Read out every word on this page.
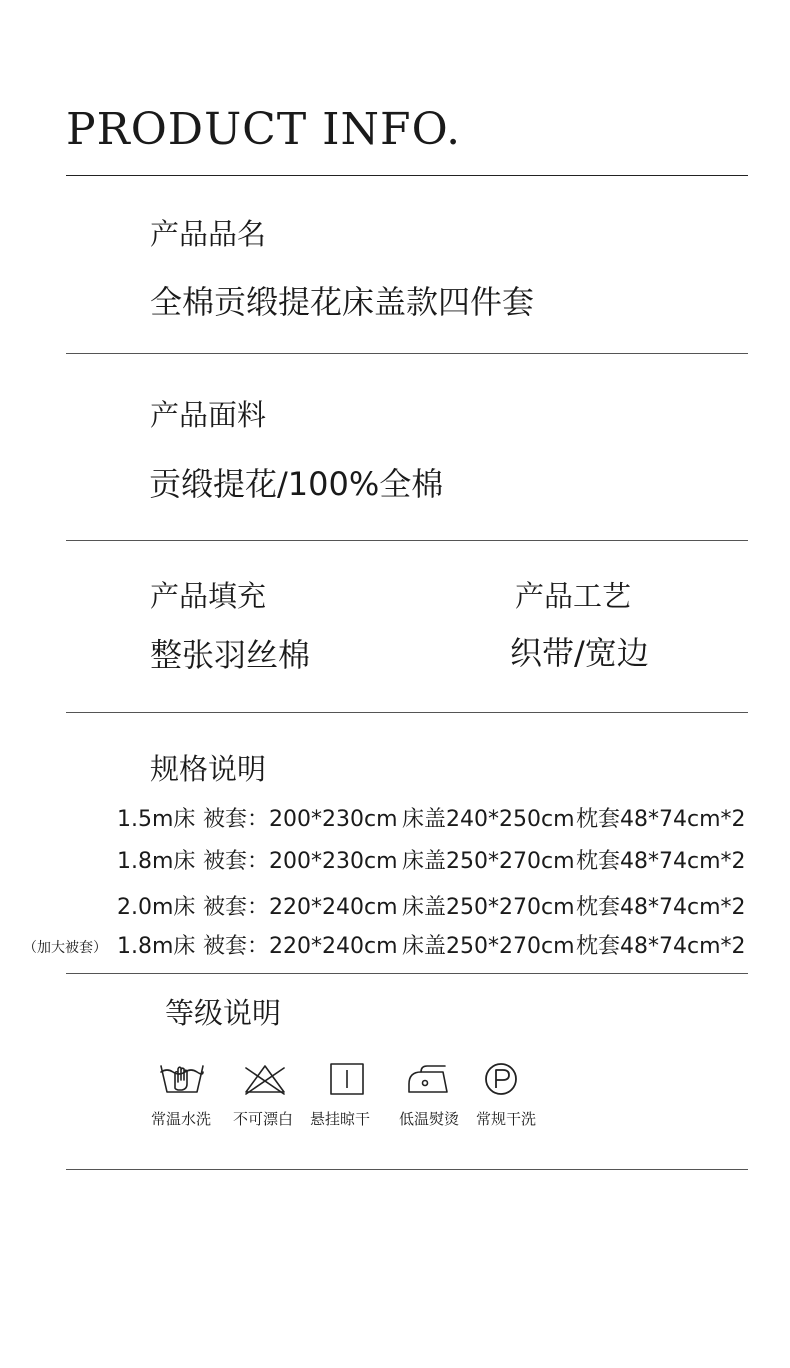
PRODUCT INFO.
产品品名
全棉贡缎提花床盖款四件套
产品面料
贡缎提花/100%全棉
产品填充
整张羽丝棉
产品工艺
织带/宽边
规格说明
1.5m床 被套：200*230cm 床盖240*250cm枕套48*74cm*2
1.8m床 被套：200*230cm 床盖250*270cm枕套48*74cm*2
2.0m床 被套：220*240cm 床盖250*270cm枕套48*74cm*2
（加大被套） 1.8m床 被套：220*240cm 床盖250*270cm枕套48*74cm*2
等级说明
常温水洗	不可漂白	悬挂晾干	低温熨烫	常规干洗
